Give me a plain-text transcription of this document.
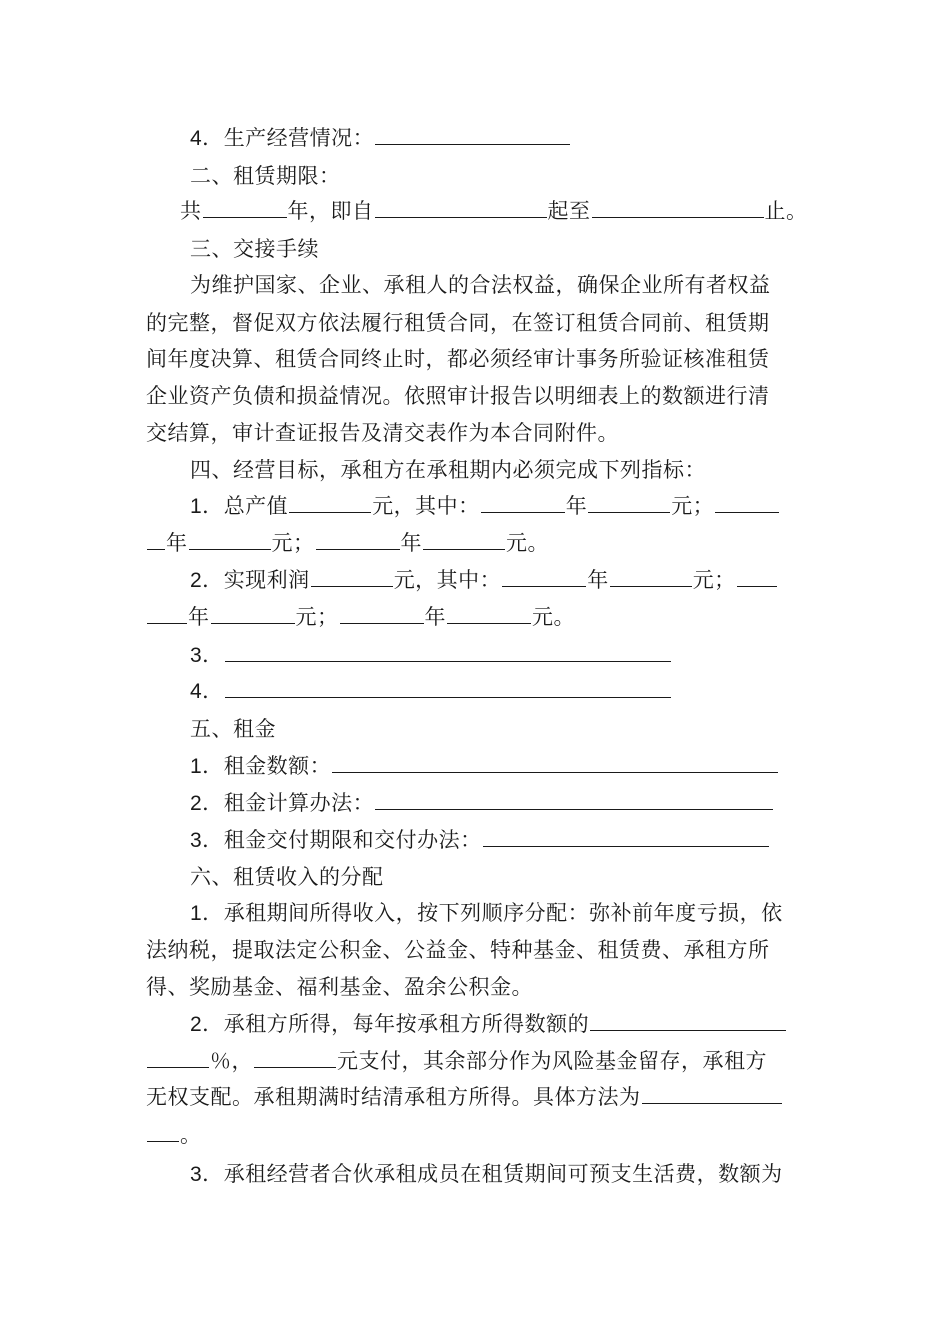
4．生产经营情况：
二、租赁期限：
共	年，即自	起至	止。
三、交接手续
为维护国家、企业、承租人的合法权益，确保企业所有者权益
的完整，督促双方依法履行租赁合同，在签订租赁合同前、租赁期
间年度决算、租赁合同终止时，都必须经审计事务所验证核准租赁
企业资产负债和损益情况。依照审计报告以明细表上的数额进行清
交结算，审计查证报告及清交表作为本合同附件。
四、经营目标，承租方在承租期内必须完成下列指标：
1．总产值	元，其中：	年	元；
年	元；	年	元。
2．实现利润	元，其中：	年	元；
年	元；	年	元。
3．
4．
五、租金
1．租金数额：
2．租金计算办法：
3．租金交付期限和交付办法：
六、租赁收入的分配
1．承租期间所得收入，按下列顺序分配：弥补前年度亏损，依
法纳税，提取法定公积金、公益金、特种基金、租赁费、承租方所
得、奖励基金、福利基金、盈余公积金。
2．承租方所得，每年按承租方所得数额的
％，	元支付，其余部分作为风险基金留存，承租方
无权支配。承租期满时结清承租方所得。具体方法为
。
3．承租经营者合伙承租成员在租赁期间可预支生活费，数额为
